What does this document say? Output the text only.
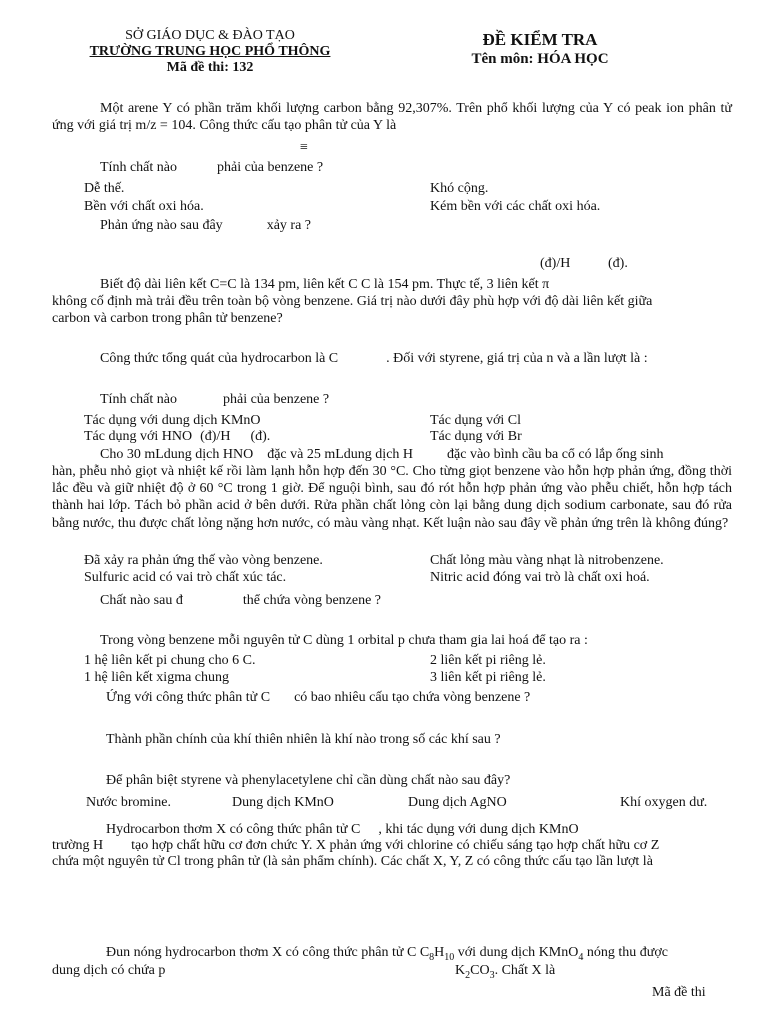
SỞ GIÁO DỤC & ĐÀO TẠO
TRƯỜNG TRUNG HỌC PHỔ THÔNG
Mã đề thi: 132
ĐỀ KIỂM TRA
Tên môn: HÓA HỌC
Một arene Y có phần trăm khối lượng carbon bằng 92,307%. Trên phổ khối lượng của Y có peak ion phân tử ứng với giá trị m/z = 104. Công thức cấu tạo phân tử của Y là
≡
Tính chất nào	phải của benzene ?
Dễ thế.	Khó cộng.
Bền với chất oxi hóa.	Kém bền với các chất oxi hóa.
Phản ứng nào sau đây	xảy ra ?
(đ)/H	(đ).
Biết độ dài liên kết C=C là 134 pm, liên kết C C là 154 pm. Thực tế, 3 liên kết π
không cố định mà trải đều trên toàn bộ vòng benzene. Giá trị nào dưới đây phù hợp với độ dài liên kết giữa
carbon và carbon trong phân tử benzene?
Công thức tổng quát của hydrocarbon là C	. Đối với styrene, giá trị của n và a lần lượt là :
Tính chất nào	phải của benzene ?
Tác dụng với dung dịch KMnO	Tác dụng với Cl
Tác dụng với HNO (đ)/H (đ).	Tác dụng với Br
Cho 30 mLdung dịch HNO đặc và 25 mLdung dịch H đặc vào bình cầu ba cổ có lắp ống sinh
hàn, phễu nhỏ giọt và nhiệt kế rồi làm lạnh hỗn hợp đến 30 °C. Cho từng giọt benzene vào hỗn hợp phản ứng, đồng thời lắc đều và giữ nhiệt độ ở 60 °C trong 1 giờ. Để nguội bình, sau đó rót hỗn hợp phản ứng vào phễu chiết, hỗn hợp tách thành hai lớp. Tách bỏ phần acid ở bên dưới. Rửa phần chất lỏng còn lại bằng dung dịch sodium carbonate, sau đó rửa bằng nước, thu được chất lỏng nặng hơn nước, có màu vàng nhạt. Kết luận nào sau đây về phản ứng trên là không đúng?
Đã xảy ra phản ứng thế vào vòng benzene.	Chất lỏng màu vàng nhạt là nitrobenzene.
Sulfuric acid có vai trò chất xúc tác.	Nitric acid đóng vai trò là chất oxi hoá.
Chất nào sau đ	thể chứa vòng benzene ?
Trong vòng benzene mỗi nguyên tử C dùng 1 orbital p chưa tham gia lai hoá để tạo ra :
1 hệ liên kết pi chung cho 6 C.	2 liên kết pi riêng lẻ.
1 hệ liên kết xigma chung	3 liên kết pi riêng lẻ.
Ứng với công thức phân tử C có bao nhiêu cấu tạo chứa vòng benzene ?
Thành phần chính của khí thiên nhiên là khí nào trong số các khí sau ?
Để phân biệt styrene và phenylacetylene chỉ cần dùng chất nào sau đây?
Nước bromine.	Dung dịch KMnO	Dung dịch AgNO	Khí oxygen dư.
Hydrocarbon thơm X có công thức phân tử C , khi tác dụng với dung dịch KMnO
trường H tạo hợp chất hữu cơ đơn chức Y. X phản ứng với chlorine có chiếu sáng tạo hợp chất hữu cơ Z
chứa một nguyên tử Cl trong phân tử (là sản phẩm chính). Các chất X, Y, Z có công thức cấu tạo lần lượt là
Đun nóng hydrocarbon thơm X có công thức phân tử C $C_8H_{10}$ với dung dịch KMnO$_4$ nóng thu được
dung dịch có chứa p	$K_2CO_3$. Chất X là
Mã đề thi
